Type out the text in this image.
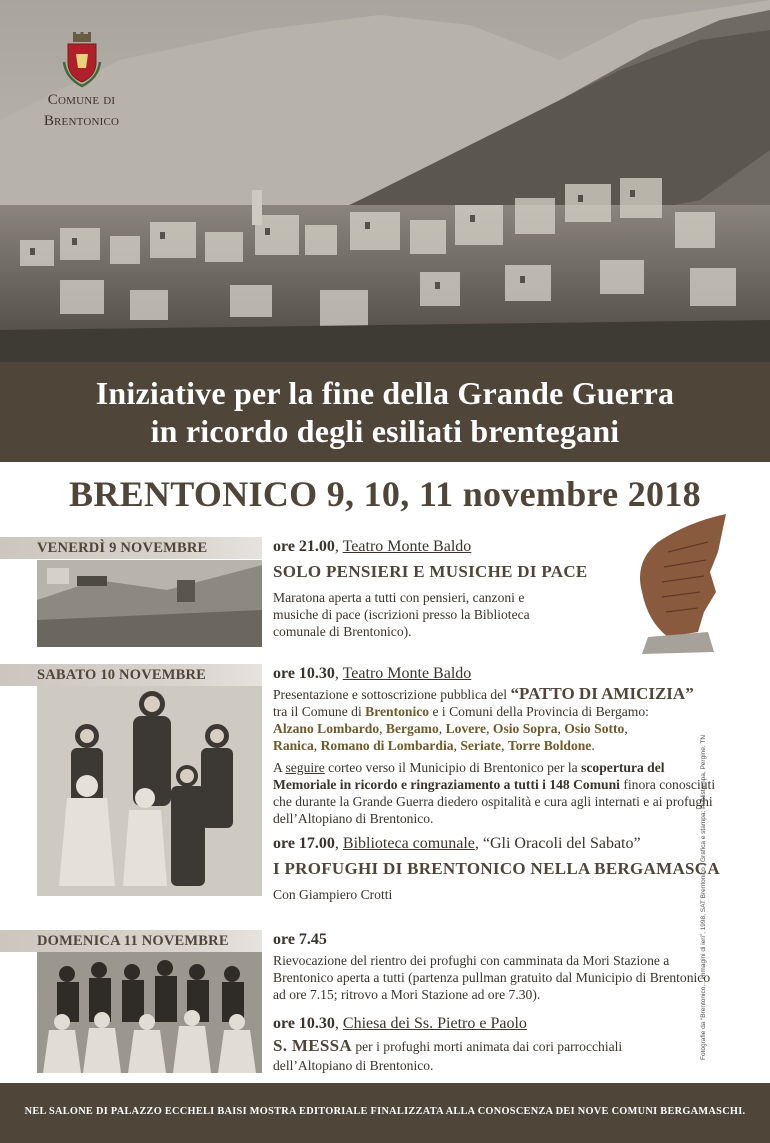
Comune di
Brentonico
Iniziative per la fine della Grande Guerra
in ricordo degli esiliati brentegani
BRENTONICO 9, 10, 11 novembre 2018
VENERDÌ 9 NOVEMBRE	ore 21.00, Teatro Monte Baldo
SOLO PENSIERI E MUSICHE DI PACE
Maratona aperta a tutti con pensieri, canzoni e musiche di pace (iscrizioni presso la Biblioteca comunale di Brentonico).
SABATO 10 NOVEMBRE	ore 10.30, Teatro Monte Baldo
Presentazione e sottoscrizione pubblica del “PATTO DI AMICIZIA”
tra il Comune di Brentonico e i Comuni della Provincia di Bergamo:
Alzano Lombardo, Bergamo, Lovere, Osio Sopra, Osio Sotto,
Ranica, Romano di Lombardia, Seriate, Torre Boldone.
A seguire corteo verso il Municipio di Brentonico per la scopertura del Memoriale in ricordo e ringraziamento a tutti i 148 Comuni finora conosciuti che durante la Grande Guerra diedero ospitalità e cura agli internati e ai profughi dell’Altopiano di Brentonico.
ore 17.00, Biblioteca comunale, “Gli Oracoli del Sabato”
I PROFUGHI DI BRENTONICO NELLA BERGAMASCA
Con Giampiero Crotti
DOMENICA 11 NOVEMBRE	ore 7.45
Rievocazione del rientro dei profughi con camminata da Mori Stazione a Brentonico aperta a tutti (partenza pullman gratuito dal Municipio di Brentonico ad ore 7.15; ritrovo a Mori Stazione ad ore 7.30).
ore 10.30, Chiesa dei Ss. Pietro e Paolo
S. MESSA per i profughi morti animata dai cori parrocchiali dell’Altopiano di Brentonico.
Fotografie da “Brentonico... immagini di ieri”, 1998, SAT Brentonico | Grafica e stampa: Publistampa, Pergine, TN
NEL SALONE DI PALAZZO ECCHELI BAISI MOSTRA EDITORIALE FINALIZZATA ALLA CONOSCENZA DEI NOVE COMUNI BERGAMASCHI.
